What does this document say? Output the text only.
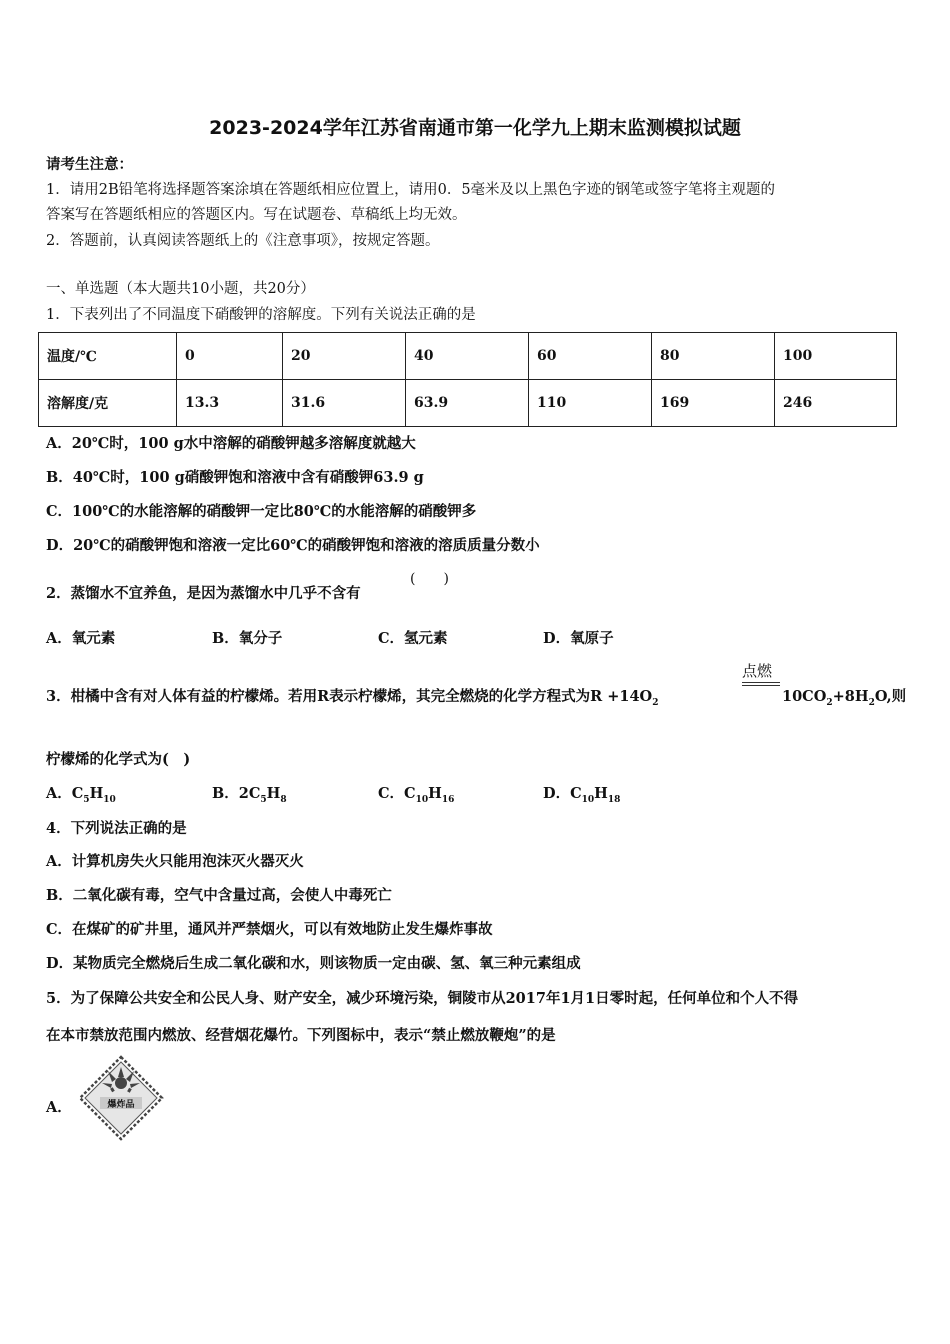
2023-2024学年江苏省南通市第一化学九上期末监测模拟试题
请考生注意：
1．请用2B铅笔将选择题答案涂填在答题纸相应位置上，请用0．5毫米及以上黑色字迹的钢笔或签字笔将主观题的
答案写在答题纸相应的答题区内。写在试题卷、草稿纸上均无效。
2．答题前，认真阅读答题纸上的《注意事项》，按规定答题。
一、单选题（本大题共10小题，共20分）
1．下表列出了不同温度下硝酸钾的溶解度。下列有关说法正确的是
温度/℃	0	20	40	60	80	100
溶解度/克	13.3	31.6	63.9	110	169	246
A．20℃时，100 g水中溶解的硝酸钾越多溶解度就越大
B．40℃时，100 g硝酸钾饱和溶液中含有硝酸钾63.9 g
C．100℃的水能溶解的硝酸钾一定比80℃的水能溶解的硝酸钾多
D．20℃的硝酸钾饱和溶液一定比60℃的硝酸钾饱和溶液的溶质质量分数小
2．蒸馏水不宜养鱼，是因为蒸馏水中几乎不含有
(　　)
A．氧元素	B．氧分子	C．氢元素	D．氧原子
3．柑橘中含有对人体有益的柠檬烯。若用R表示柠檬烯，其完全燃烧的化学方程式为$R +14O_2$
点燃
$10CO_2+8H_2O$,则
柠檬烯的化学式为(　)
A．$C_5H_{10}$	B．$2C_5H_8$	C．$C_{10}H_{16}$	D．$C_{10}H_{18}$
4．下列说法正确的是
A．计算机房失火只能用泡沫灭火器灭火
B．二氧化碳有毒，空气中含量过高，会使人中毒死亡
C．在煤矿的矿井里，通风并严禁烟火，可以有效地防止发生爆炸事故
D．某物质完全燃烧后生成二氧化碳和水，则该物质一定由碳、氢、氧三种元素组成
5．为了保障公共安全和公民人身、财产安全，减少环境污染，铜陵市从2017年1月1日零时起，任何单位和个人不得
在本市禁放范围内燃放、经营烟花爆竹。下列图标中，表示“禁止燃放鞭炮”的是
A．	爆炸品
